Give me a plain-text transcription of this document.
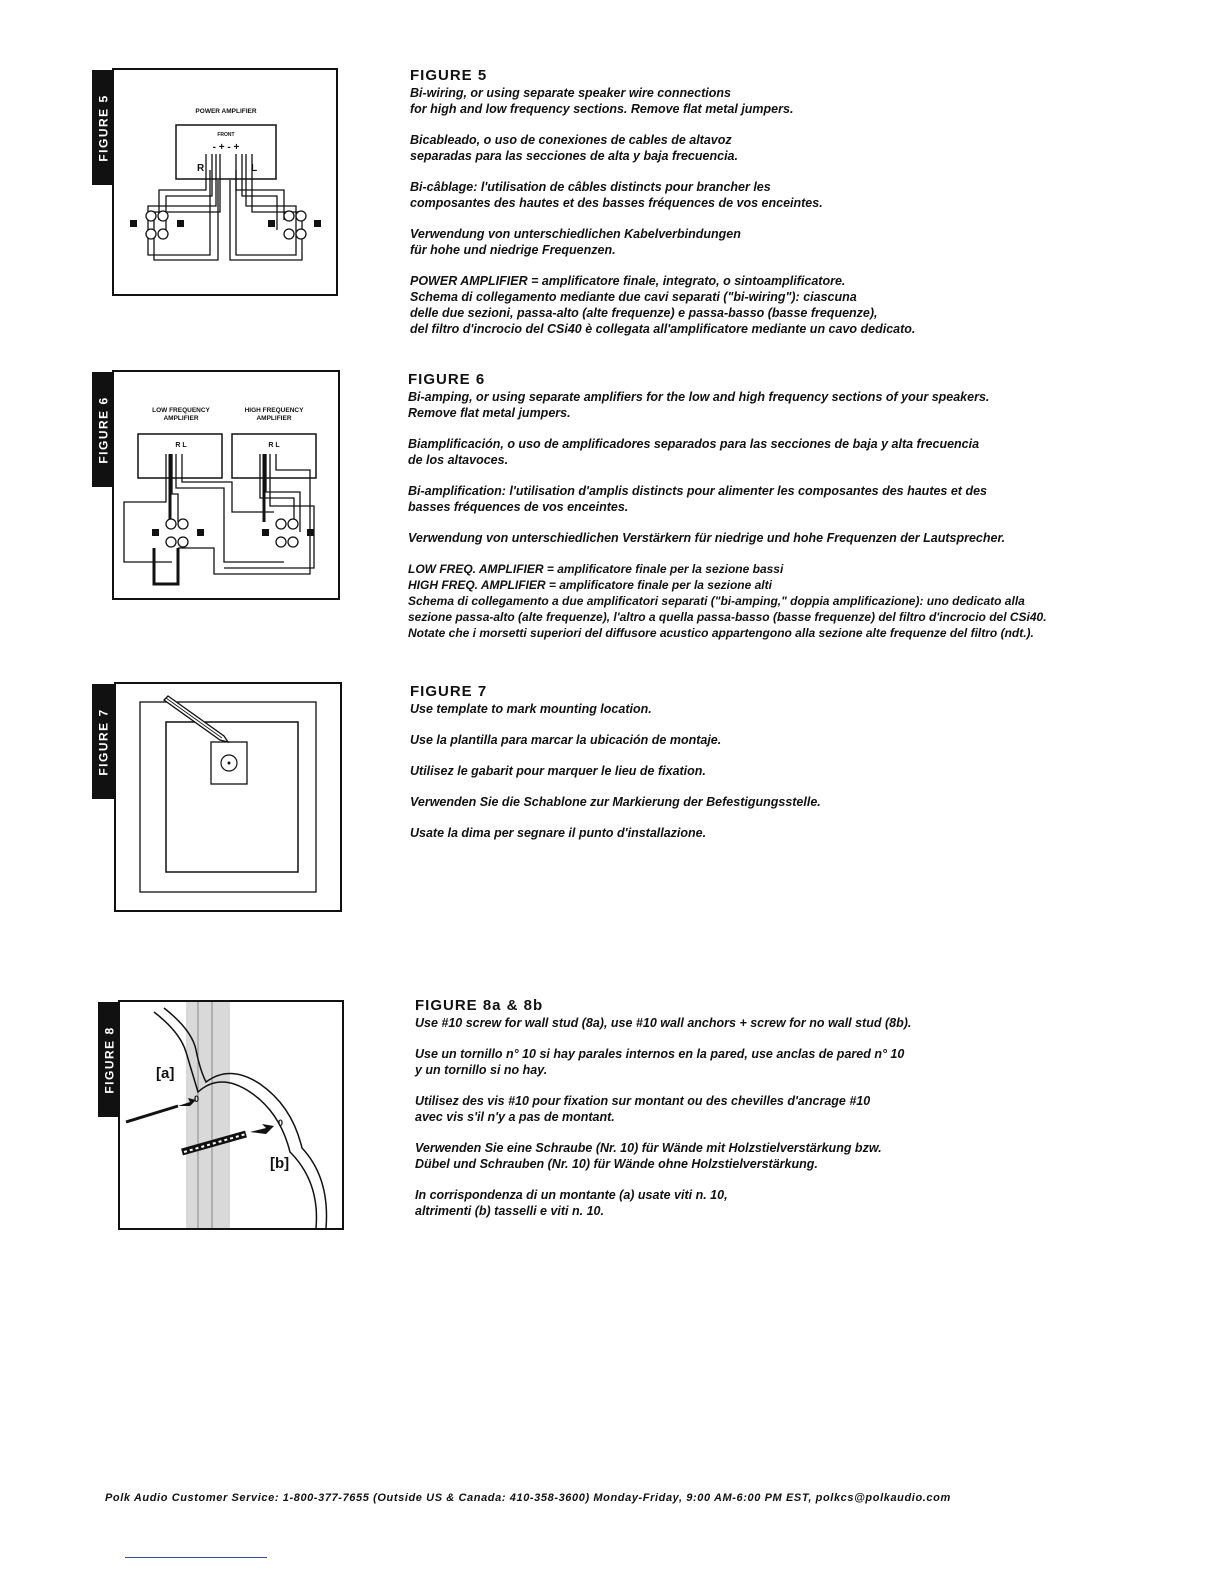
FIGURE 5	POWER AMPLIFIER
FRONT
- + - +
R	L
FIGURE 5

Bi-wiring, or using separate speaker wire connections
for high and low frequency sections. Remove flat metal jumpers.

Bicableado, o uso de conexiones de cables de altavoz
separadas para las secciones de alta y baja frecuencia.

Bi-câblage: l'utilisation de câbles distincts pour brancher les
composantes des hautes et des basses fréquences de vos enceintes.

Verwendung von unterschiedlichen Kabelverbindungen
für hohe und niedrige Frequenzen.

POWER AMPLIFIER = amplificatore finale, integrato, o sintoamplificatore.
Schema di collegamento mediante due cavi separati ("bi-wiring"): ciascuna
delle due sezioni, passa-alto (alte frequenze) e passa-basso (basse frequenze),
del filtro d'incrocio del CSi40 è collegata all'amplificatore mediante un cavo dedicato.

FIGURE 6	LOW FREQUENCY
AMPLIFIER
HIGH FREQUENCY
AMPLIFIER
R L	R L
FIGURE 6

Bi-amping, or using separate amplifiers for the low and high frequency sections of your speakers.
Remove flat metal jumpers.

Biamplificación, o uso de amplificadores separados para las secciones de baja y alta frecuencia
de los altavoces.

Bi-amplification: l'utilisation d'amplis distincts pour alimenter les composantes des hautes et des
basses fréquences de vos enceintes.

Verwendung von unterschiedlichen Verstärkern für niedrige und hohe Frequenzen der Lautsprecher.

LOW FREQ. AMPLIFIER = amplificatore finale per la sezione bassi
HIGH FREQ. AMPLIFIER = amplificatore finale per la sezione alti
Schema di collegamento a due amplificatori separati ("bi-amping," doppia amplificazione): uno dedicato alla
sezione passa-alto (alte frequenze), l'altro a quella passa-basso (basse frequenze) del filtro d'incrocio del CSi40.
Notate che i morsetti superiori del diffusore acustico appartengono alla sezione alte frequenze del filtro (ndt.).

FIGURE 7
FIGURE 7

Use template to mark mounting location.

Use la plantilla para marcar la ubicación de montaje.

Utilisez le gabarit pour marquer le lieu de fixation.

Verwenden Sie die Schablone zur Markierung der Befestigungsstelle.

Usate la dima per segnare il punto d'installazione.

FIGURE 8	[a]
[b]
0
0
FIGURE 8a & 8b

Use #10 screw for wall stud (8a), use #10 wall anchors + screw for no wall stud (8b).

Use un tornillo n° 10 si hay parales internos en la pared, use anclas de pared n° 10
y un tornillo si no hay.

Utilisez des vis #10 pour fixation sur montant ou des chevilles d'ancrage #10
avec vis s'il n'y a pas de montant.

Verwenden Sie eine Schraube (Nr. 10) für Wände mit Holzstielverstärkung bzw.
Dübel und Schrauben (Nr. 10) für Wände ohne Holzstielverstärkung.

In corrispondenza di un montante (a) usate viti n. 10,
altrimenti (b) tasselli e viti n. 10.

Polk Audio Customer Service: 1-800-377-7655 (Outside US & Canada: 410-358-3600) Monday-Friday, 9:00 AM-6:00 PM EST, polkcs@polkaudio.com
